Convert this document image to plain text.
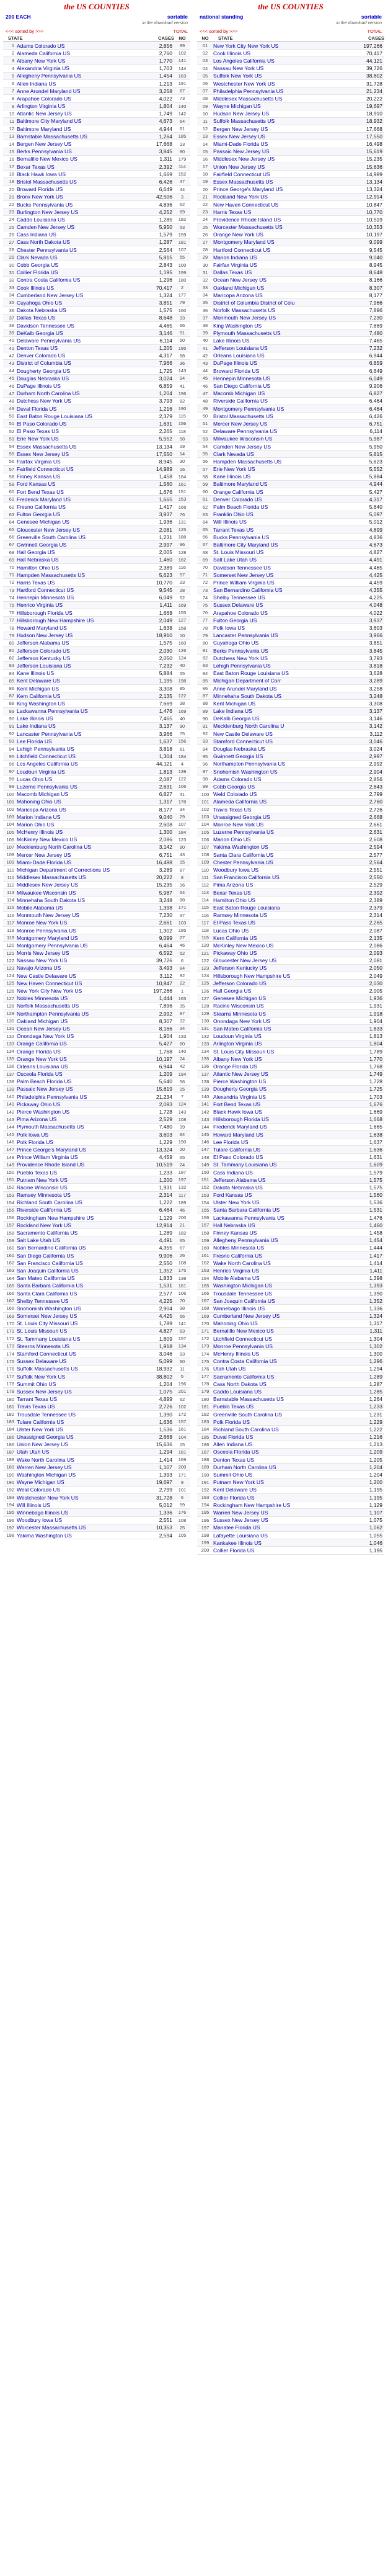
the US COUNTIES
200 EACH	sortable
in the download version
<<< sorted by >>>	TOTAL
STATE	CASES NO
1 Adams Colorado US	2,856	99
2 Alameda California US	2,760	102
3 Albany New York US	1,770	141
4 Alexandria Virginia US	1,703	144
5 Allegheny Pennsylvania US	1,454	163
6 Allen Indiana US	1,213	191
7 Anne Arundel Maryland US	3,258	87
8 Arapahoe Colorado US	4,022	73
9 Arlington Virginia US	1,804	140
10 Atlantic New Jersey US	1,749	142
11 Baltimore City Maryland US	4,673	64
12 Baltimore Maryland US	4,944	61
13 Barnstable Massachusetts US	1,264	185
14 Bergen New Jersey US	17,668	13
15 Berks Pennsylvania US	3,845	80
16 Bernalillo New Mexico US	1,311	179
17 Bexar Texas US	2,392	114
18 Black Hawk Iowa US	1,669	152
19 Bristol Massachusetts US	6,426	47
20 Broward Florida US	6,649	44
21 Bronx New York US	42,506	3
22 Bucks Pennsylvania US	4,836	62
23 Burlington New Jersey US	4,252	69
24 Caddo Louisiana US	1,285	182
25 Camden New Jersey US	5,950	53
26 Cass Indiana US	1,579	159
27 Cass North Dakota US	1,287	181
28 Chester Pennsylvania US	2,564	107
29 Clark Nevada US	5,815	55
30 Cobb Georgia US	2,843	100
31 Collier Florida US	1,195	199
32 Contra Costa California US	1,296	180
33 Cook Illinois US	70,417	2
34 Cumberland New Jersey US	1,324	177
35 Cuyahoga Ohio US	3,851	79
36 Dakota Nebraska US	1,575	160
37 Dallas Texas US	8,648	33
38 Davidson Tennessee US	4,465	66
39 DeKalb Georgia US	3,146	91
40 Delaware Pennsylvania US	6,114	50
41 Denton Texas US	1,205	195
42 Denver Colorado US	4,317	68
43 District of Columbia US	7,966	36
44 Dougherty Georgia US	1,725	143
45 Douglas Nebraska US	3,024	94
46 DuPage Illinois US	6,859	41
47 Durham North Carolina US	1,204	196
48 Dutchess New York US	3,793	82
49 Duval Florida US	1,216	190
50 East Baton Rouge Louisiana US	2,379	115
51 El Paso Colorado US	1,631	156
52 El Paso Texas US	2,265	118
53 Erie New York US	5,552	58
54 Essex Massachusetts US	13,134	19
55 Essex New Jersey US	17,550	14
56 Fairfax Virginia US	8,945	30
57 Fairfield Connecticut US	14,989	16
58 Finney Kansas US	1,458	164
59 Ford Kansas US	1,560	161
60 Fort Bend Texas US	1,676	151
61 Frederick Maryland US	1,665	153
62 Fresno California US	1,417	168
63 Fulton Georgia US	3,937	76
64 Genesee Michigan US	1,936	131
65 Gloucester New Jersey US	2,081	125
66 Greenville South Carolina US	1,231	188
67 Gwinnett Georgia US	2,997	96
68 Hall Georgia US	2,005	128
69 Hall Nebraska US	1,460	162
70 Hamilton Ohio US	2,389	116
71 Hampden Massachusetts US	5,623	57
72 Harris Texas US	10,770	23
73 Hartford Connecticut US	9,545	28
74 Hennepin Minnesota US	6,049	52
75 Henrico Virginia US	1,411	169
76 Hillsborough Florida US	1,668	155
77 Hillsborough New Hampshire US	2,049	127
78 Howard Maryland US	1,638	158
79 Hudson New Jersey US	18,910	10
80 Jefferson Alabama US	1,575	160
81 Jefferson Colorado US	2,030	126
82 Jefferson Kentucky US	2,050	124
83 Jefferson Louisiana US	7,232	40
84 Kane Illinois US	5,884	55
85 Kent Delaware US	1,195	198
86 Kent Michigan US	3,308	85
87 Kern California US	2,135	122
88 King Washington US	7,669	38
89 Lackawanna Pennsylvania US	1,476	169
90 Lake Illinois US	7,465	40
91 Lake Indiana US	3,137	90
92 Lancaster Pennsylvania US	3,966	75
93 Lee Florida US	1,637	156
94 Lehigh Pennsylvania US	3,818	81
95 Litchfield Connecticut US	1,304	184
96 Los Angeles California US	44,121	4
97 Loudoun Virginia US	1,813	139
98 Lucas Ohio US	2,087	122
99 Luzerne Pennsylvania US	2,631	106
100 Macomb Michigan US	6,827	41
101 Mahoning Ohio US	1,317	178
102 Maricopa Arizona US	8,177	34
103 Marion Indiana US	9,040	29
104 Marion Ohio US	2,608	107
105 McHenry Illinois US	1,300	184
106 McKinley New Mexico US	2,086	123
107 Mecklenburg North Carolina US	3,142	90
108 Mercer New Jersey US	6,751	43
109 Miami-Dade Florida US	16,498	15
110 Michigan Department of Corrections US	3,289	87
111 Middlesex Massachusetts US	20,222	8
112 Middlesex New Jersey US	15,235	16
113 Milwaukee Wisconsin US	5,987	54
114 Minnehaha South Dakota US	3,248	88
115 Mobile Alabama US	1,398	171
116 Monmouth New Jersey US	7,230	37
117 Monroe New York US	2,661	103
118 Monroe Pennsylvania US	1,302	185
119 Montgomery Maryland US	9,099	27
120 Montgomery Pennsylvania US	6,464	46
121 Morris New Jersey US	6,592	52
122 Nassau New York US	39,726	6
123 Navajo Arizona US	3,493	84
124 New Castle Delaware US	3,112	92
125 New Haven Connecticut US	10,847	22
126 New York City New York US	197,266	1
127 Nobles Minnesota US	1,444	165
128 Norfolk Massachusetts US	7,896	35
129 Northampton Pennsylvania US	2,992	97
130 Oakland Michigan US	8,307	32
131 Ocean New Jersey US	8,166	34
132 Onondaga New York US	1,904	133
133 Orange California US	5,427	60
134 Orange Florida US	1,768	140
135 Orange New York US	10,197	24
136 Orleans Louisiana US	6,944	42
137 Osceola Florida US	1,209	194
138 Palm Beach Florida US	5,640	56
139 Passaic New Jersey US	15,619	15
140 Philadelphia Pennsylvania US	21,234	7
141 Pickaway Ohio US	2,093	124
142 Pierce Washington US	1,728	143
143 Pima Arizona US	2,529	108
144 Plymouth Massachusetts US	7,480	39
145 Polk Iowa US	3,603	84
146 Polk Florida US	1,229	190
147 Prince George's Maryland US	13,324	20
148 Prince William Virginia US	4,459	65
149 Providence Rhode Island US	10,519	24
150 Pueblo Texas US	1,233	187
151 Putnam New York US	1,200	197
152 Racine Wisconsin US	1,931	132
153 Ramsey Minnesota US	2,314	117
154 Richland South Carolina US	1,222	189
155 Riverside California US	6,464	46
156 Rockingham New Hampshire US	1,129	200
157 Rockland New York US	12,914	21
158 Sacramento California US	1,289	182
159 Salt Lake Utah US	4,491	65
160 San Bernardino California US	4,355	67
161 San Diego California US	9,906	26
162 San Francisco California US	2,550	108
163 San Joaquin California US	1,352	175
164 San Mateo California US	1,833	138
165 Santa Barbara California US	1,531	161
166 Santa Clara California US	2,577	106
167 Shelby Tennessee US	4,225	70
168 Snohomish Washington US	2,904	98
169 Somerset New Jersey US	4,425	66
170 St. Louis City Missouri US	1,789	141
171 St. Louis Missouri US	4,827	63
172 St. Tammany Louisiana US	1,609	157
173 Stearns Minnesota US	1,918	134
174 Stamford Connecticut US	3,046	93
175 Sussex Delaware US	5,099	60
176 Suffolk Massachusetts US	18,932	11
177 Suffolk New York US	38,802	5
178 Summit Ohio US	1,204	196
179 Sussex New Jersey US	1,075	201
180 Tarrant Texas US	4,899	62
181 Travis Texas US	2,726	102
182 Trousdale Tennessee US	1,390	172
183 Tulare California US	1,636	157
184 Ulster New York US	1,536	161
185 Unassigned Georgia US	2,668	104
186 Union New Jersey US	15,636	15
187 Utah Utah US	1,294	181
188 Wake North Carolina US	1,414	169
189 Warren New Jersey US	1,107	200
190 Washington Michigan US	1,393	171
191 Wayne Michigan US	19,697	9
192 Weld Colorado US	2,799	101
193 Westchester New York US	31,728	6
194 Will Illinois US	5,012	59
195 Winnebago Illinois US	1,336	176
196 Woodbury Iowa US	2,551	108
197 Worcester Massachusetts US	10,353	25
198 Yakima Washington US	2,594	105
the US COUNTIES
national standing	sortable
in the download version
<<< sorted by >>>	TOTAL
NO	STATE	CASES
01	New York City New York US	197,266
02	Cook Illinois US	70,417
03	Los Angeles California US	44,121
04	Nassau New York US	39,726
05	Suffolk New York US	38,802
06	Westchester New York US	31,728
07	Philadelphia Pennsylvania US	21,234
08	Middlesex Massachusetts US	20,222
09	Wayne Michigan US	19,697
10	Hudson New Jersey US	18,910
11	Suffolk Massachusetts US	18,932
12	Bergen New Jersey US	17,668
13	Essex New Jersey US	17,550
14	Miami-Dade Florida US	16,498
15	Passaic New Jersey US	15,619
16	Middlesex New Jersey US	15,235
17	Union New Jersey US	15,636
18	Fairfield Connecticut US	14,989
19	Essex Massachusetts US	13,134
20	Prince George's Maryland US	13,324
21	Rockland New York US	12,914
22	New Haven Connecticut US	10,847
23	Harris Texas US	10,770
24	Providence Rhode Island US	10,519
25	Worcester Massachusetts US	10,353
26	Orange New York US	10,197
27	Montgomery Maryland US	9,099
28	Hartford Connecticut US	9,545
29	Marion Indiana US	9,040
30	Fairfax Virginia US	8,945
31	Dallas Texas US	8,648
32	Ocean New Jersey US	8,166
33	Oakland Michigan US	8,307
34	Maricopa Arizona US	8,177
35	District of Columbia District of Colu	7,966
36	Norfolk Massachusetts US	7,896
37	Monmouth New Jersey US	7,230
38	King Washington US	7,669
39	Plymouth Massachusetts US	7,480
40	Lake Illinois US	7,465
41	Jefferson Louisiana US	7,232
42	Orleans Louisiana US	6,944
43	DuPage Illinois US	6,859
44	Broward Florida US	6,649
45	Hennepin Minnesota US	6,049
46	San Diego California US	9,906
47	Macomb Michigan US	6,827
48	Riverside California US	6,464
49	Montgomery Pennsylvania US	6,464
50	Bristol Massachusetts US	6,426
51	Mercer New Jersey US	6,751
52	Delaware Pennsylvania US	6,114
53	Milwaukee Wisconsin US	5,987
54	Camden New Jersey US	5,950
55	Clark Nevada US	5,815
56	Hampden Massachusetts US	5,623
57	Erie New York US	5,552
58	Kane Illinois US	5,884
59	Baltimore Maryland US	4,944
60	Orange California US	5,427
61	Denver Colorado US	4,317
62	Palm Beach Florida US	5,640
63	Franklin Ohio US	5,097
64	Will Illinois US	5,012
65	Tarrant Texas US	4,899
66	Bucks Pennsylvania US	4,836
67	Baltimore City Maryland US	4,673
68	St. Louis Missouri US	4,827
69	Salt Lake Utah US	4,491
70	Davidson Tennessee US	4,465
71	Somerset New Jersey US	4,425
72	Prince William Virginia US	4,459
73	San Bernardino California US	4,355
74	Shelby Tennessee US	4,225
75	Sussex Delaware US	4,048
76	Arapahoe Colorado US	4,022
77	Fulton Georgia US	3,937
78	Polk Iowa US	3,603
79	Lancaster Pennsylvania US	3,966
80	Cuyahoga Ohio US	3,851
81	Berks Pennsylvania US	3,845
82	Dutchess New York US	3,793
83	Lehigh Pennsylvania US	3,818
84	East Baton Rouge Louisiana US	3,628
85	Michigan Department of Corr	3,289
86	Anne Arundel Maryland US	3,258
87	Minnehaha South Dakota US	3,248
88	Kent Michigan US	3,308
89	Lake Indiana US	3,137
90	DeKalb Georgia US	3,146
91	Mecklenburg North Carolina U	3,142
92	New Castle Delaware US	3,112
93	Stamford Connecticut US	3,046
94	Douglas Nebraska US	3,024
95	Gwinnett Georgia US	2,997
96	Northampton Pennsylvania US	2,992
97	Snohomish Washington US	2,904
98	Adams Colorado US	2,856
99	Cobb Georgia US	2,843
100 Weld Colorado US	2,799
101 Alameda California US	2,760
102 Travis Texas US	2,726
103 Unassigned Georgia US	2,668
104 Monroe New York US	2,661
105 Luzerne Pennsylvania US	2,631
106 Marion Ohio US	2,608
107 Yakima Washington US	2,594
108 Santa Clara California US	2,577
109 Chester Pennsylvania US	2,564
110 Woodbury Iowa US	2,551
111 San Francisco California US	2,550
112 Pima Arizona US	2,529
113 Bexar Texas US	2,392
114 Hamilton Ohio US	2,389
115 East Baton Rouge Louisiana	2,379
116 Ramsey Minnesota US	2,314
117 El Paso Texas US	2,265
118 Lucas Ohio US	2,087
119 Kern California US	2,135
120 McKinley New Mexico US	2,086
121 Pickaway Ohio US	2,093
122 Gloucester New Jersey US	2,081
123 Jefferson Kentucky US	2,050
124 Hillsborough New Hampshire US	2,049
125 Jefferson Colorado US	2,030
126 Hall Georgia US	2,005
127 Genesee Michigan US	1,936
128 Racine Wisconsin US	1,931
129 Stearns Minnesota US	1,918
130 Onondaga New York US	1,904
131 San Mateo California US	1,833
132 Loudoun Virginia US	1,813
133 Arlington Virginia US	1,804
134 St. Louis City Missouri US	1,789
135 Albany New York US	1,770
136 Orange Florida US	1,768
137 Atlantic New Jersey US	1,749
138 Pierce Washington US	1,728
139 Dougherty Georgia US	1,725
140 Alexandria Virginia US	1,703
141 Fort Bend Texas US	1,676
142 Black Hawk Iowa US	1,669
143 Hillsborough Florida US	1,668
144 Frederick Maryland US	1,665
145 Howard Maryland US	1,638
146 Lee Florida US	1,637
147 Tulare California US	1,636
148 El Paso Colorado US	1,631
149 St. Tammany Louisiana US	1,609
150 Cass Indiana US	1,579
151 Jefferson Alabama US	1,575
152 Dakota Nebraska US	1,575
153 Ford Kansas US	1,560
154 Ulster New York US	1,536
155 Santa Barbara California US	1,531
156 Lackawanna Pennsylvania US	1,476
157 Hall Nebraska US	1,460
158 Finney Kansas US	1,458
159 Allegheny Pennsylvania US	1,454
160 Nobles Minnesota US	1,444
161 Fresno California US	1,417
162 Wake North Carolina US	1,414
163 Henrico Virginia US	1,411
164 Mobile Alabama US	1,398
165 Washington Michigan US	1,393
166 Trousdale Tennessee US	1,390
167 San Joaquin California US	1,352
168 Winnebago Illinois US	1,336
169 Cumberland New Jersey US	1,324
170 Mahoning Ohio US	1,317
171 Bernalillo New Mexico US	1,311
172 Litchfield Connecticut US	1,304
173 Monroe Pennsylvania US	1,302
174 McHenry Illinois US	1,300
175 Contra Costa California US	1,296
176 Utah Utah US	1,294
177 Sacramento California US	1,289
178 Cass North Dakota US	1,287
179 Caddo Louisiana US	1,285
180 Barnstable Massachusetts US	1,264
181 Pueblo Texas US	1,233
182 Greenville South Carolina US	1,231
183 Polk Florida US	1,229
184 Richland South Carolina US	1,222
185 Duval Florida US	1,216
186 Allen Indiana US	1,213
187 Osceola Florida US	1,209
188 Denton Texas US	1,205
189 Durham North Carolina US	1,204
190 Summit Ohio US	1,204
191 Putnam New York US	1,200
192 Kent Delaware US	1,195
193 Collier Florida US	1,195
194 Rockingham New Hampshire US	1,129
195 Warren New Jersey US	1,107
196 Sussex New Jersey US	1,075
197 Manatee Florida US	1,062
198 Lafayette Louisiana US	1,055
199 Kankakee Illinois US	1,046
200 Collier Florida US	1,195
